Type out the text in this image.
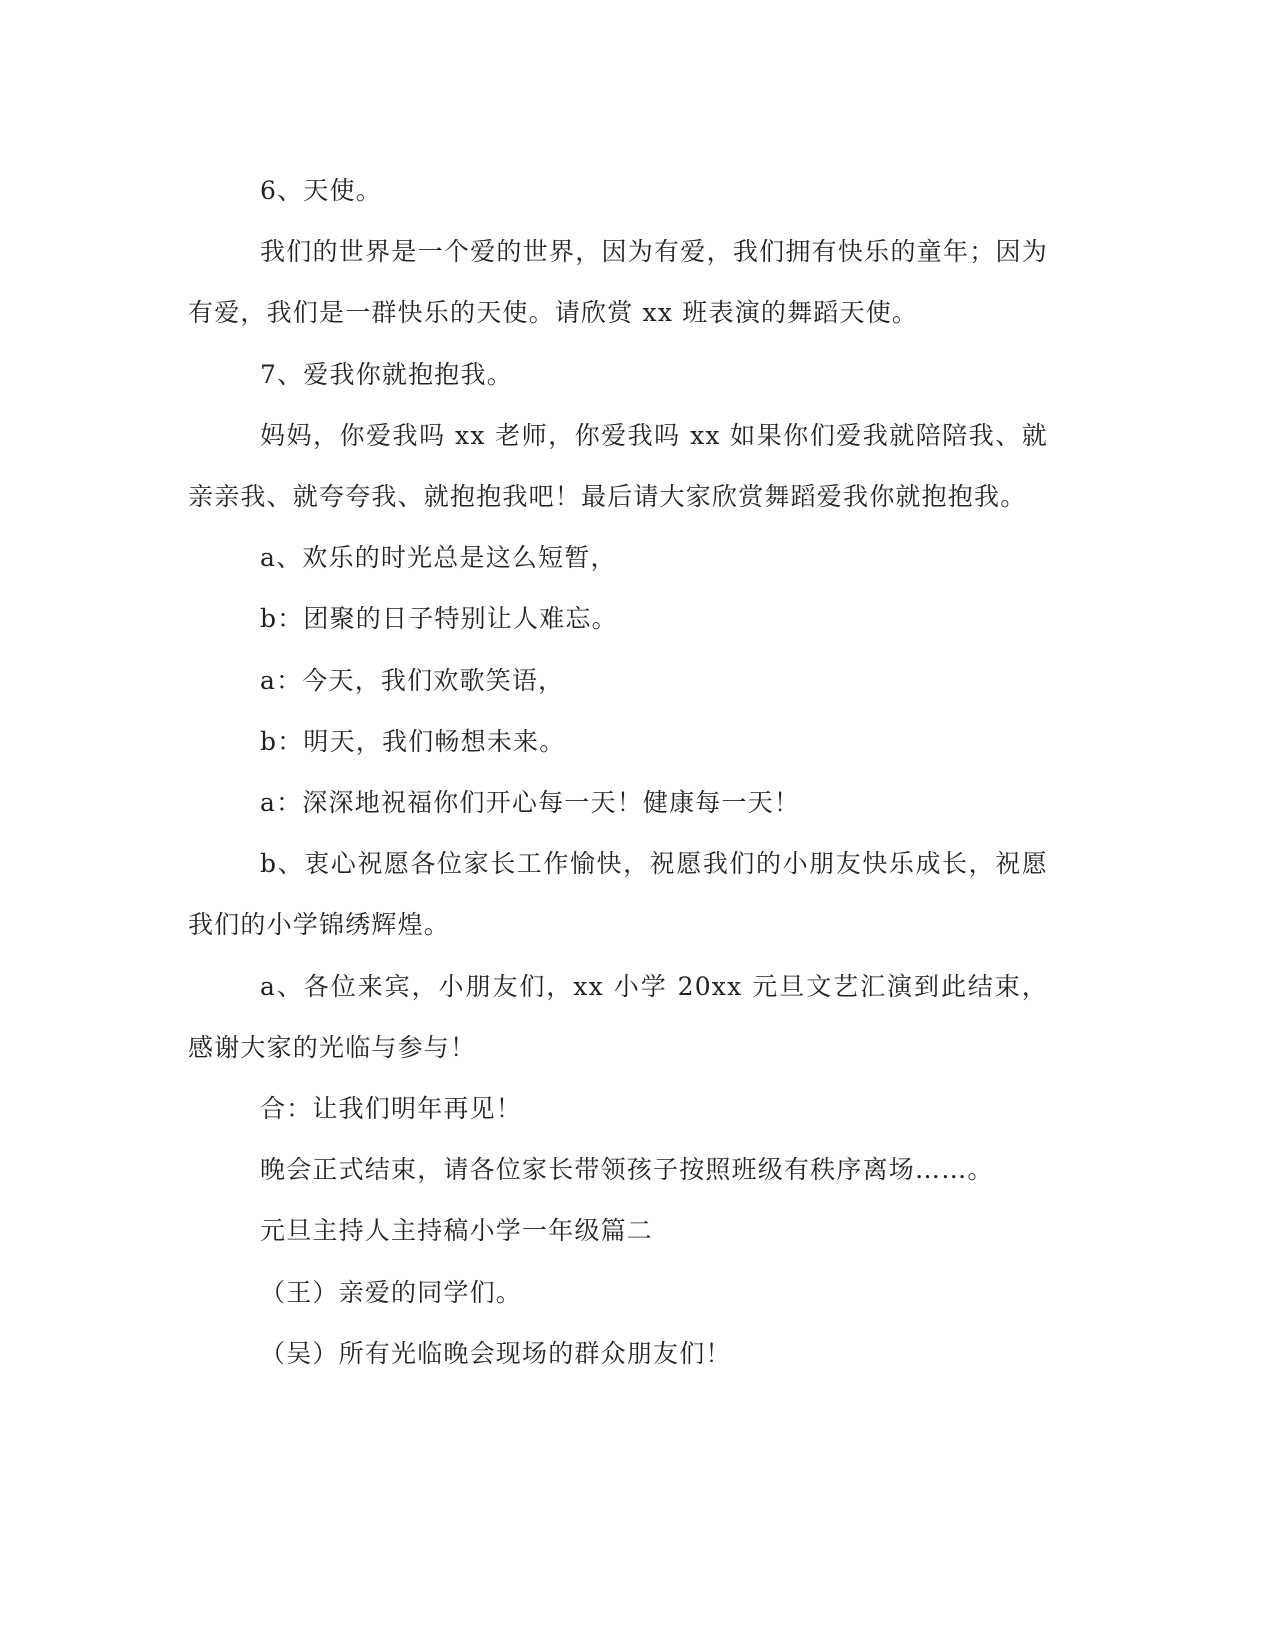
6、天使。

我们的世界是一个爱的世界，因为有爱，我们拥有快乐的童年；因为有爱，我们是一群快乐的天使。请欣赏 xx 班表演的舞蹈天使。

7、爱我你就抱抱我。

妈妈，你爱我吗 xx 老师，你爱我吗 xx 如果你们爱我就陪陪我、就亲亲我、就夸夸我、就抱抱我吧！最后请大家欣赏舞蹈爱我你就抱抱我。

a、欢乐的时光总是这么短暂，

b：团聚的日子特别让人难忘。

a：今天，我们欢歌笑语，

b：明天，我们畅想未来。

a：深深地祝福你们开心每一天！健康每一天！

b、衷心祝愿各位家长工作愉快，祝愿我们的小朋友快乐成长，祝愿我们的小学锦绣辉煌。

a、各位来宾，小朋友们，xx 小学 20xx 元旦文艺汇演到此结束，感谢大家的光临与参与！

合：让我们明年再见！

晚会正式结束，请各位家长带领孩子按照班级有秩序离场……。

元旦主持人主持稿小学一年级篇二

（王）亲爱的同学们。

（吴）所有光临晚会现场的群众朋友们！
